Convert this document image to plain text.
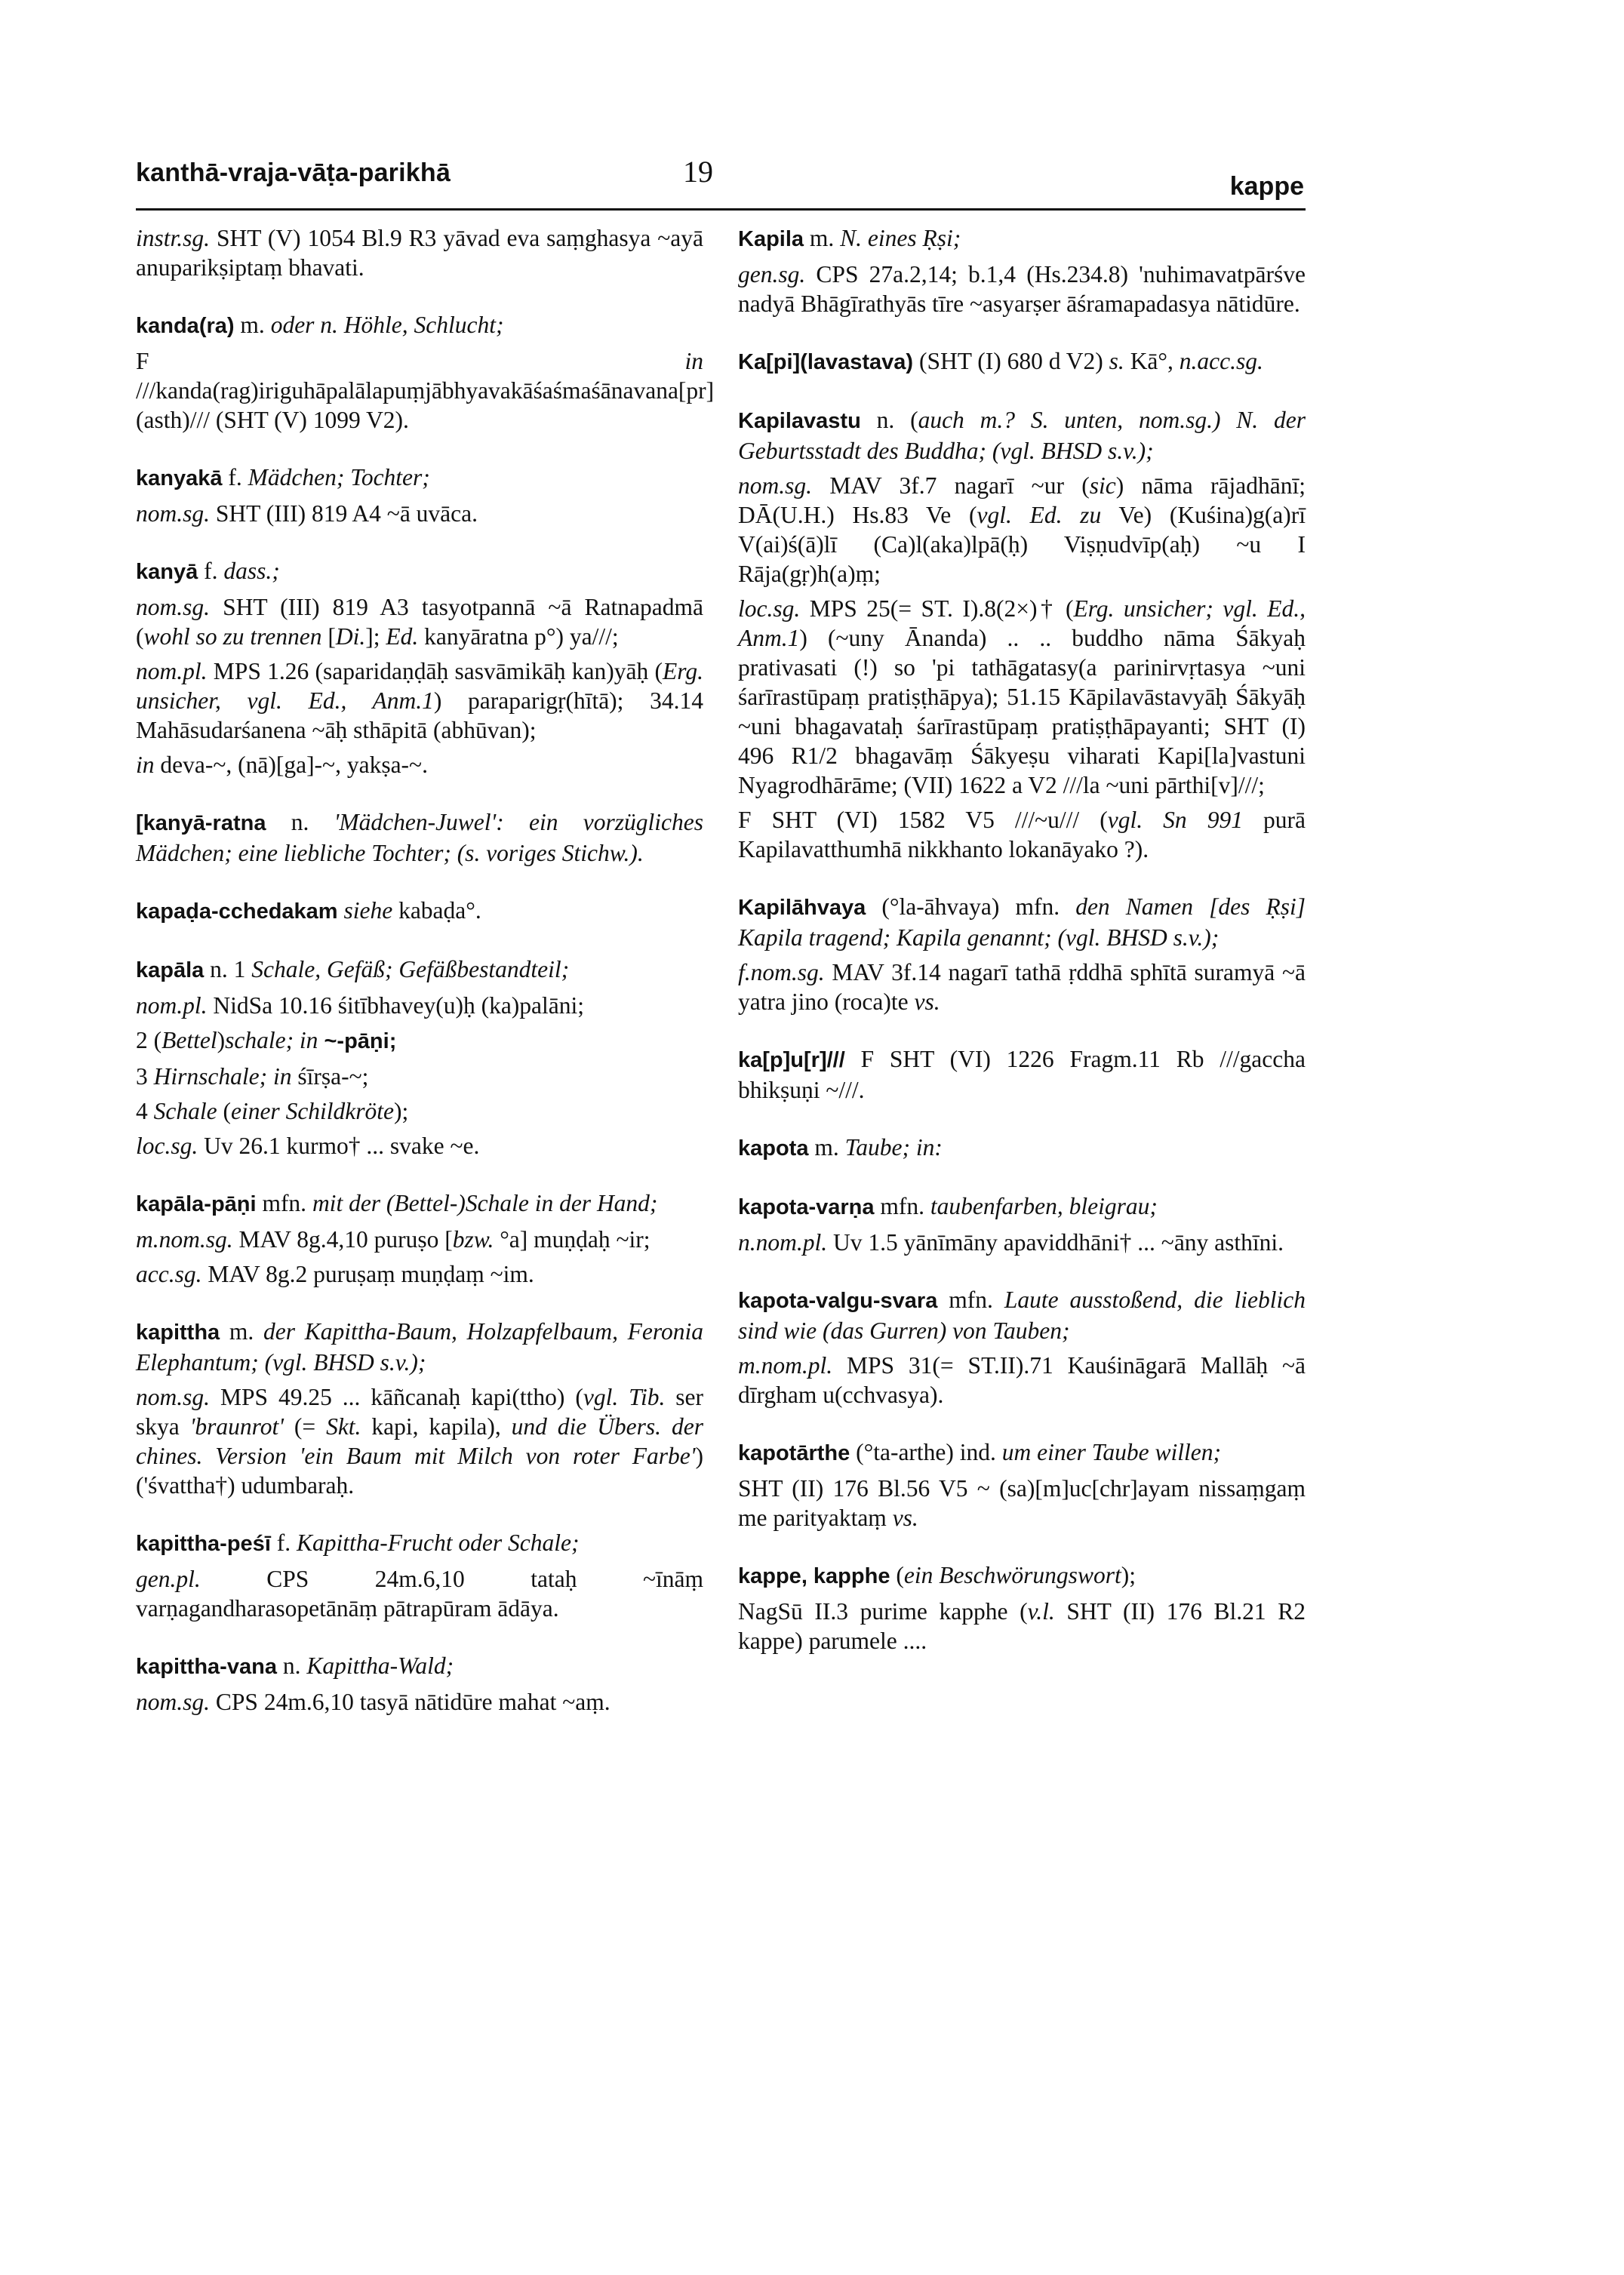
kanthā-vraja-vāṭa-parikhā	19	kappe
instr.sg. SHT (V) 1054 Bl.9 R3 yāvad eva saṃghasya ~ayā anuparikṣiptaṃ bhavati.
kanda(ra) m. oder n. Höhle, Schlucht;
F in ///kanda(rag)iriguhāpalālapuṃjābhyavakāśaśmaśānavana[pr](asth)/// (SHT (V) 1099 V2).
kanyakā f. Mädchen; Tochter;
nom.sg. SHT (III) 819 A4 ~ā uvāca.
kanyā f. dass.;
nom.sg. SHT (III) 819 A3 tasyotpannā ~ā Ratnapadmā (wohl so zu trennen [Di.]; Ed. kanyāratna p°) ya///;
nom.pl. MPS 1.26 (saparidaṇḍāḥ sasvāmikāḥ kan)yāḥ (Erg. unsicher, vgl. Ed., Anm.1) paraparigṛ(hītā); 34.14 Mahāsudarśanena ~āḥ sthāpitā (abhūvan);
in deva-~, (nā)[ga]-~, yakṣa-~.
[kanyā-ratna n. 'Mädchen-Juwel': ein vorzügliches Mädchen; eine liebliche Tochter; (s. voriges Stichw.).
kapaḍa-cchedakam siehe kabaḍa°.
kapāla n. 1 Schale, Gefäß; Gefäßbestandteil;
nom.pl. NidSa 10.16 śitībhavey(u)ḥ (ka)palāni;
2 (Bettel)schale; in ~-pāṇi;
3 Hirnschale; in śīrṣa-~;
4 Schale (einer Schildkröte);
loc.sg. Uv 26.1 kurmo† ... svake ~e.
kapāla-pāṇi mfn. mit der (Bettel-)Schale in der Hand;
m.nom.sg. MAV 8g.4,10 puruṣo [bzw. °a] muṇḍaḥ ~ir;
acc.sg. MAV 8g.2 puruṣaṃ muṇḍaṃ ~im.
kapittha m. der Kapittha-Baum, Holzapfelbaum, Feronia Elephantum; (vgl. BHSD s.v.);
nom.sg. MPS 49.25 ... kāñcanaḥ kapi(ttho) (vgl. Tib. ser skya 'braunrot' (= Skt. kapi, kapila), und die Übers. der chines. Version 'ein Baum mit Milch von roter Farbe') ('śvattha†) udumbaraḥ.
kapittha-peśī f. Kapittha-Frucht oder Schale;
gen.pl. CPS 24m.6,10 tataḥ ~īnāṃ varṇagandharasopetānāṃ pātrapūram ādāya.
kapittha-vana n. Kapittha-Wald;
nom.sg. CPS 24m.6,10 tasyā nātidūre mahat ~aṃ.
Kapila m. N. eines Ṛṣi;
gen.sg. CPS 27a.2,14; b.1,4 (Hs.234.8) 'nuhimavatpārśve nadyā Bhāgīrathyās tīre ~asyarṣer āśramapadasya nātidūre.
Ka[pi](lavastava) (SHT (I) 680 d V2) s. Kā°, n.acc.sg.
Kapilavastu n. (auch m.? S. unten, nom.sg.) N. der Geburtsstadt des Buddha; (vgl. BHSD s.v.);
nom.sg. MAV 3f.7 nagarī ~ur (sic) nāma rājadhānī; DĀ(U.H.) Hs.83 Ve (vgl. Ed. zu Ve) (Kuśina)g(a)rī V(ai)ś(ā)lī (Ca)l(aka)lpā(ḥ) Viṣṇudvīp(aḥ) ~u I Rāja(gṛ)h(a)ṃ;
loc.sg. MPS 25(= ST. I).8(2×)† (Erg. unsicher; vgl. Ed., Anm.1) (~uny Ānanda) .. .. buddho nāma Śākyaḥ prativasati (!) so 'pi tathāgatasy(a parinirvṛtasya ~uni śarīrastūpaṃ pratiṣṭhāpya); 51.15 Kāpilavāstavyāḥ Śākyāḥ ~uni bhagavataḥ śarīrastūpaṃ pratiṣṭhāpayanti; SHT (I) 496 R1/2 bhagavāṃ Śākyeṣu viharati Kapi[la]vastuni Nyagrodhārāme; (VII) 1622 a V2 ///la ~uni pārthi[v]///;
F SHT (VI) 1582 V5 ///~u/// (vgl. Sn 991 purā Kapilavatthumhā nikkhanto lokanāyako ?).
Kapilāhvaya (°la-āhvaya) mfn. den Namen [des Ṛṣi] Kapila tragend; Kapila genannt; (vgl. BHSD s.v.);
f.nom.sg. MAV 3f.14 nagarī tathā ṛddhā sphītā suramyā ~ā yatra jino (roca)te vs.
ka[p]u[r]/// F SHT (VI) 1226 Fragm.11 Rb ///gaccha bhikṣuṇi ~///.
kapota m. Taube; in:
kapota-varṇa mfn. taubenfarben, bleigrau;
n.nom.pl. Uv 1.5 yānīmāny apaviddhāni† ... ~āny asthīni.
kapota-valgu-svara mfn. Laute ausstoßend, die lieblich sind wie (das Gurren) von Tauben;
m.nom.pl. MPS 31(= ST.II).71 Kauśināgarā Mallāḥ ~ā dīrgham u(cchvasya).
kapotārthe (°ta-arthe) ind. um einer Taube willen;
SHT (II) 176 Bl.56 V5 ~ (sa)[m]uc[chr]ayam nissaṃgaṃ me parityaktaṃ vs.
kappe, kapphe (ein Beschwörungswort);
NagSū II.3 purime kapphe (v.l. SHT (II) 176 Bl.21 R2 kappe) parumele ....
